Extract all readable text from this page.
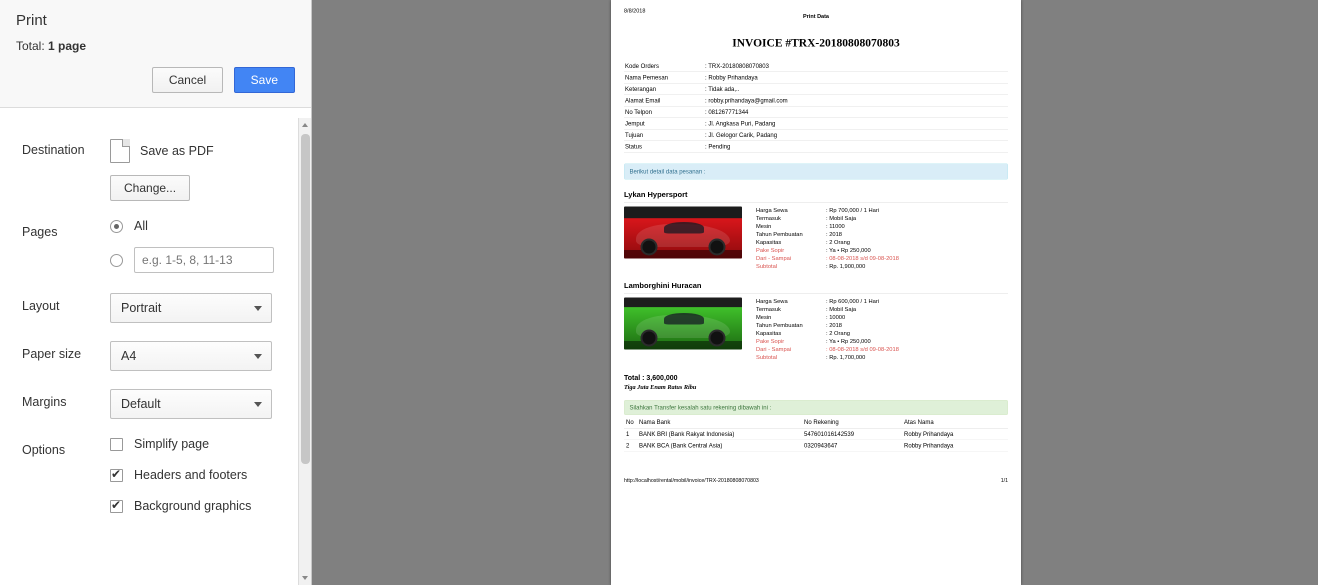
Print
Total: 1 page
Cancel	Save
Destination	Save as PDF
Change...
Pages	All
e.g. 1-5, 8, 11-13
Layout	Portrait
Paper size	A4
Margins	Default
Options	Simplify page
✔
Headers and footers
✔
Background graphics
8/8/2018
Print Data
INVOICE #TRX-20180808070803
Kode Orders	: TRX-20180808070803
Nama Pemesan	: Robby Prihandaya
Keterangan	: Tidak ada,..
Alamat Email	: robby.prihandaya@gmail.com
No Telpon	: 081267771344
Jemput	: Jl. Angkasa Puri, Padang
Tujuan	: Jl. Gelogor Carik, Padang
Status	: Pending
Berikut detail data pesanan :
Lykan Hypersport
Harga Sewa	: Rp 700,000 / 1 Hari
Termasuk	: Mobil Saja
Mesin	: 11000
Tahun Pembuatan	: 2018
Kapasitas	: 2 Orang
Pake Sopir	: Ya • Rp 250,000
Dari - Sampai	: 08-08-2018 s/d 09-08-2018
Subtotal	: Rp. 1,900,000
Lamborghini Huracan
Harga Sewa	: Rp 600,000 / 1 Hari
Termasuk	: Mobil Saja
Mesin	: 10000
Tahun Pembuatan	: 2018
Kapasitas	: 2 Orang
Pake Sopir	: Ya • Rp 250,000
Dari - Sampai	: 08-08-2018 s/d 09-08-2018
Subtotal	: Rp. 1,700,000
Total : 3,600,000
Tiga Juta Enam Ratus Ribu
Silahkan Transfer kesalah satu rekening dibawah ini :
No	Nama Bank	No Rekening	Atas Nama
1	BANK BRI (Bank Rakyat Indonesia)	547601016142539	Robby Prihandaya
2	BANK BCA (Bank Central Asia)	0320943647	Robby Prihandaya
http://localhost/rental/mobil/invoice/TRX-20180808070803	1/1
